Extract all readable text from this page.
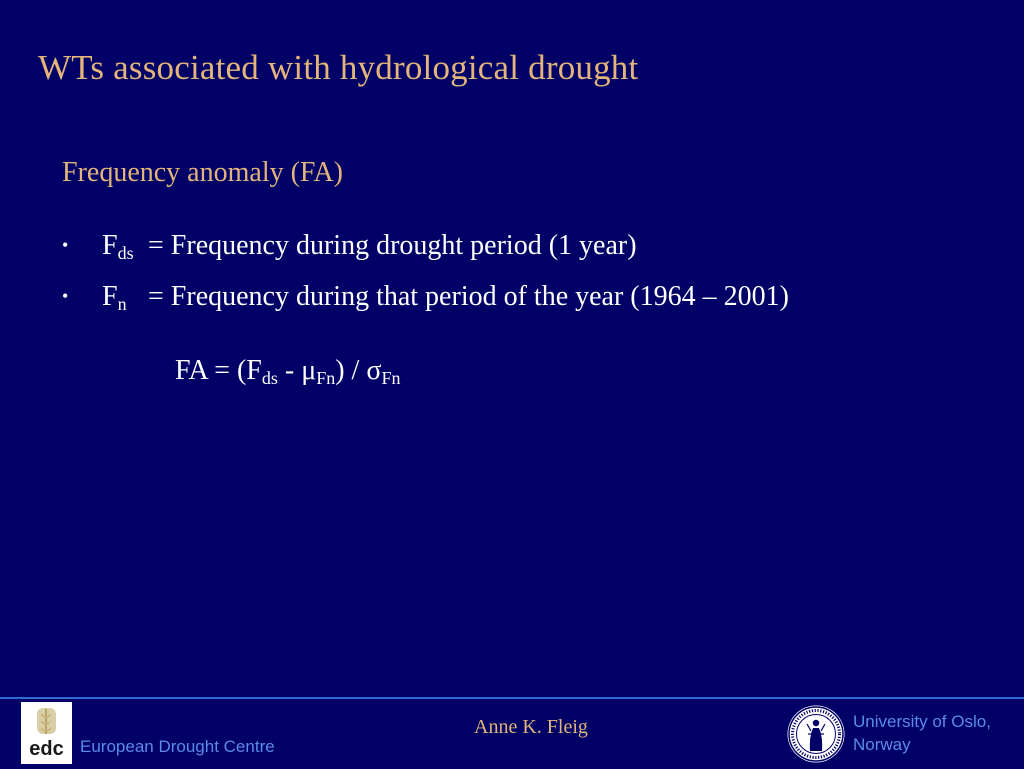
WTs associated with hydrological drought
Frequency anomaly (FA)
• $F_{ds}$ = Frequency during drought period (1 year)
• $F_n$ = Frequency during that period of the year (1964 – 2001)
FA = $(F_{ds} - \mu_{Fn}) / \sigma_{Fn}$
edc European Drought Centre
Anne K. Fleig	University of Oslo,
Norway
